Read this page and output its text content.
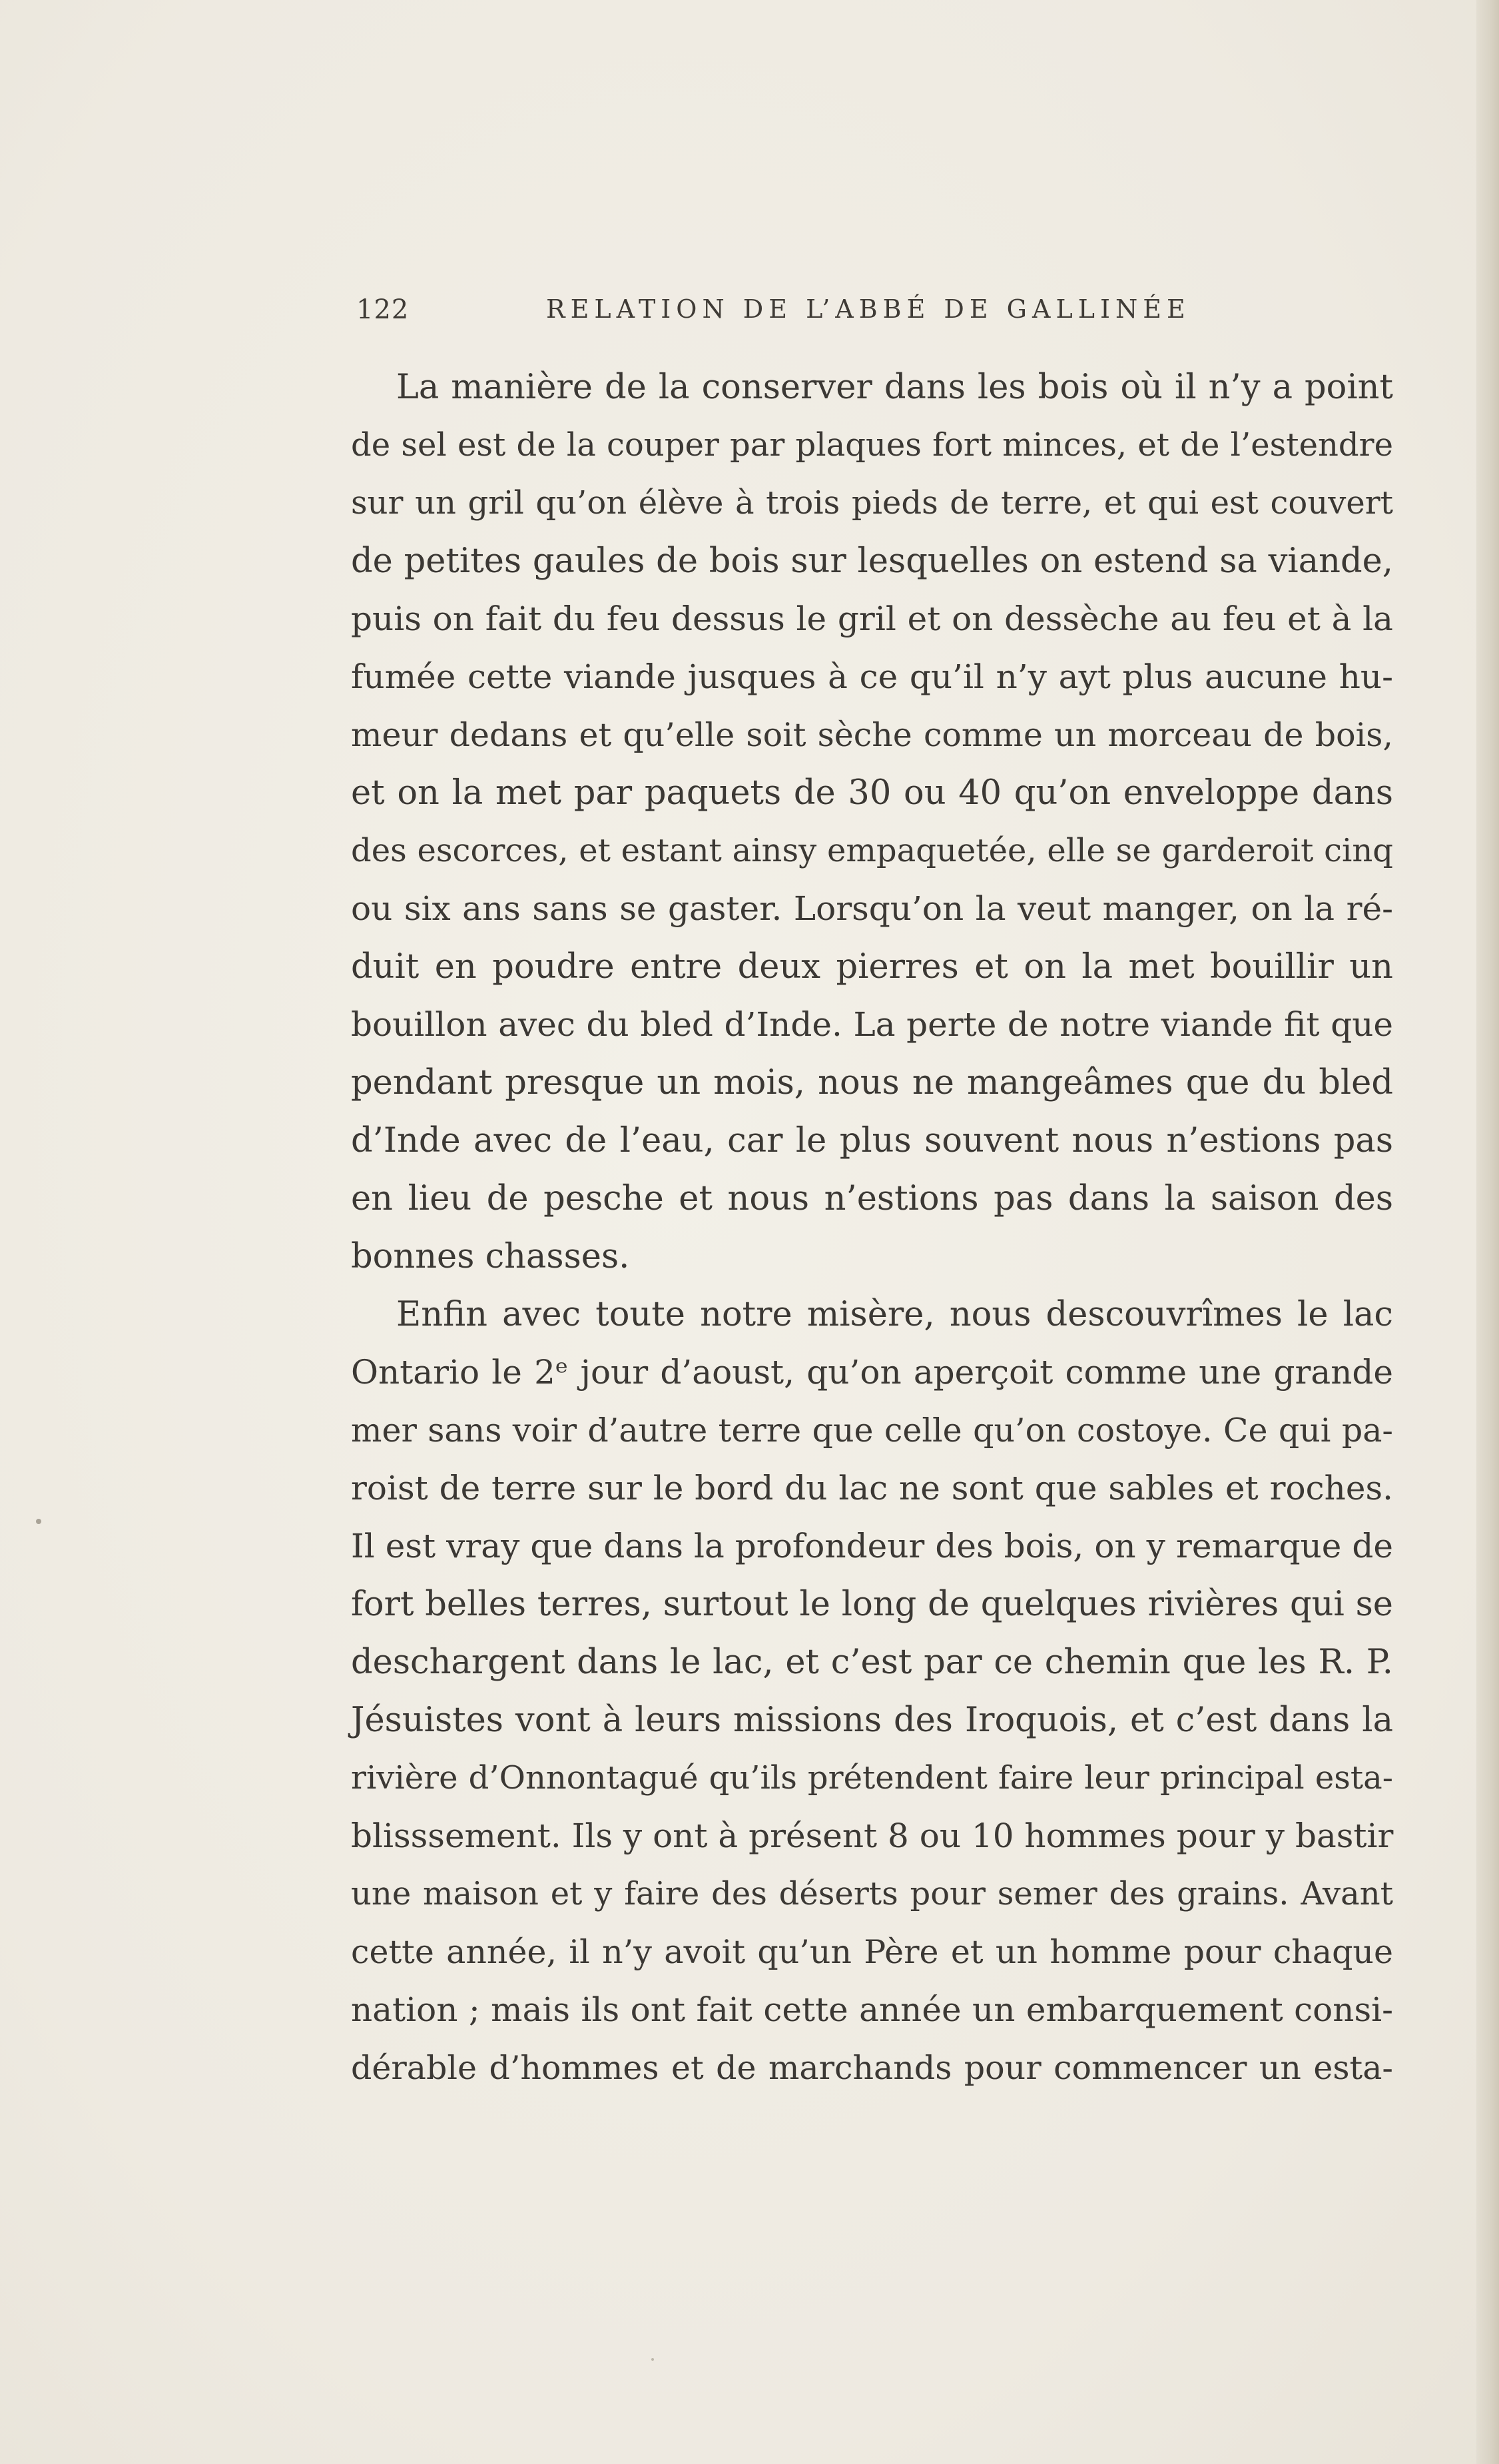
122	RELATION DE L’ABBÉ DE GALLINÉE
La manière de la conserver dans les bois où il n’y a point
de sel est de la couper par plaques fort minces, et de l’estendre
sur un gril qu’on élève à trois pieds de terre, et qui est couvert
de petites gaules de bois sur lesquelles on estend sa viande,
puis on fait du feu dessus le gril et on dessèche au feu et à la
fumée cette viande jusques à ce qu’il n’y ayt plus aucune hu-
meur dedans et qu’elle soit sèche comme un morceau de bois,
et on la met par paquets de 30 ou 40 qu’on enveloppe dans
des escorces, et estant ainsy empaquetée, elle se garderoit cinq
ou six ans sans se gaster. Lorsqu’on la veut manger, on la ré-
duit en poudre entre deux pierres et on la met bouillir un
bouillon avec du bled d’Inde. La perte de notre viande fit que
pendant presque un mois, nous ne mangeâmes que du bled
d’Inde avec de l’eau, car le plus souvent nous n’estions pas
en lieu de pesche et nous n’estions pas dans la saison des
bonnes chasses.
Enfin avec toute notre misère, nous descouvrîmes le lac
Ontario le 2ᵉ jour d’aoust, qu’on aperçoit comme une grande
mer sans voir d’autre terre que celle qu’on costoye. Ce qui pa-
roist de terre sur le bord du lac ne sont que sables et roches.
Il est vray que dans la profondeur des bois, on y remarque de
fort belles terres, surtout le long de quelques rivières qui se
deschargent dans le lac, et c’est par ce chemin que les R. P.
Jésuistes vont à leurs missions des Iroquois, et c’est dans la
rivière d’Onnontagué qu’ils prétendent faire leur principal esta-
blisssement. Ils y ont à présent 8 ou 10 hommes pour y bastir
une maison et y faire des déserts pour semer des grains. Avant
cette année, il n’y avoit qu’un Père et un homme pour chaque
nation ; mais ils ont fait cette année un embarquement consi-
dérable d’hommes et de marchands pour commencer un esta-
